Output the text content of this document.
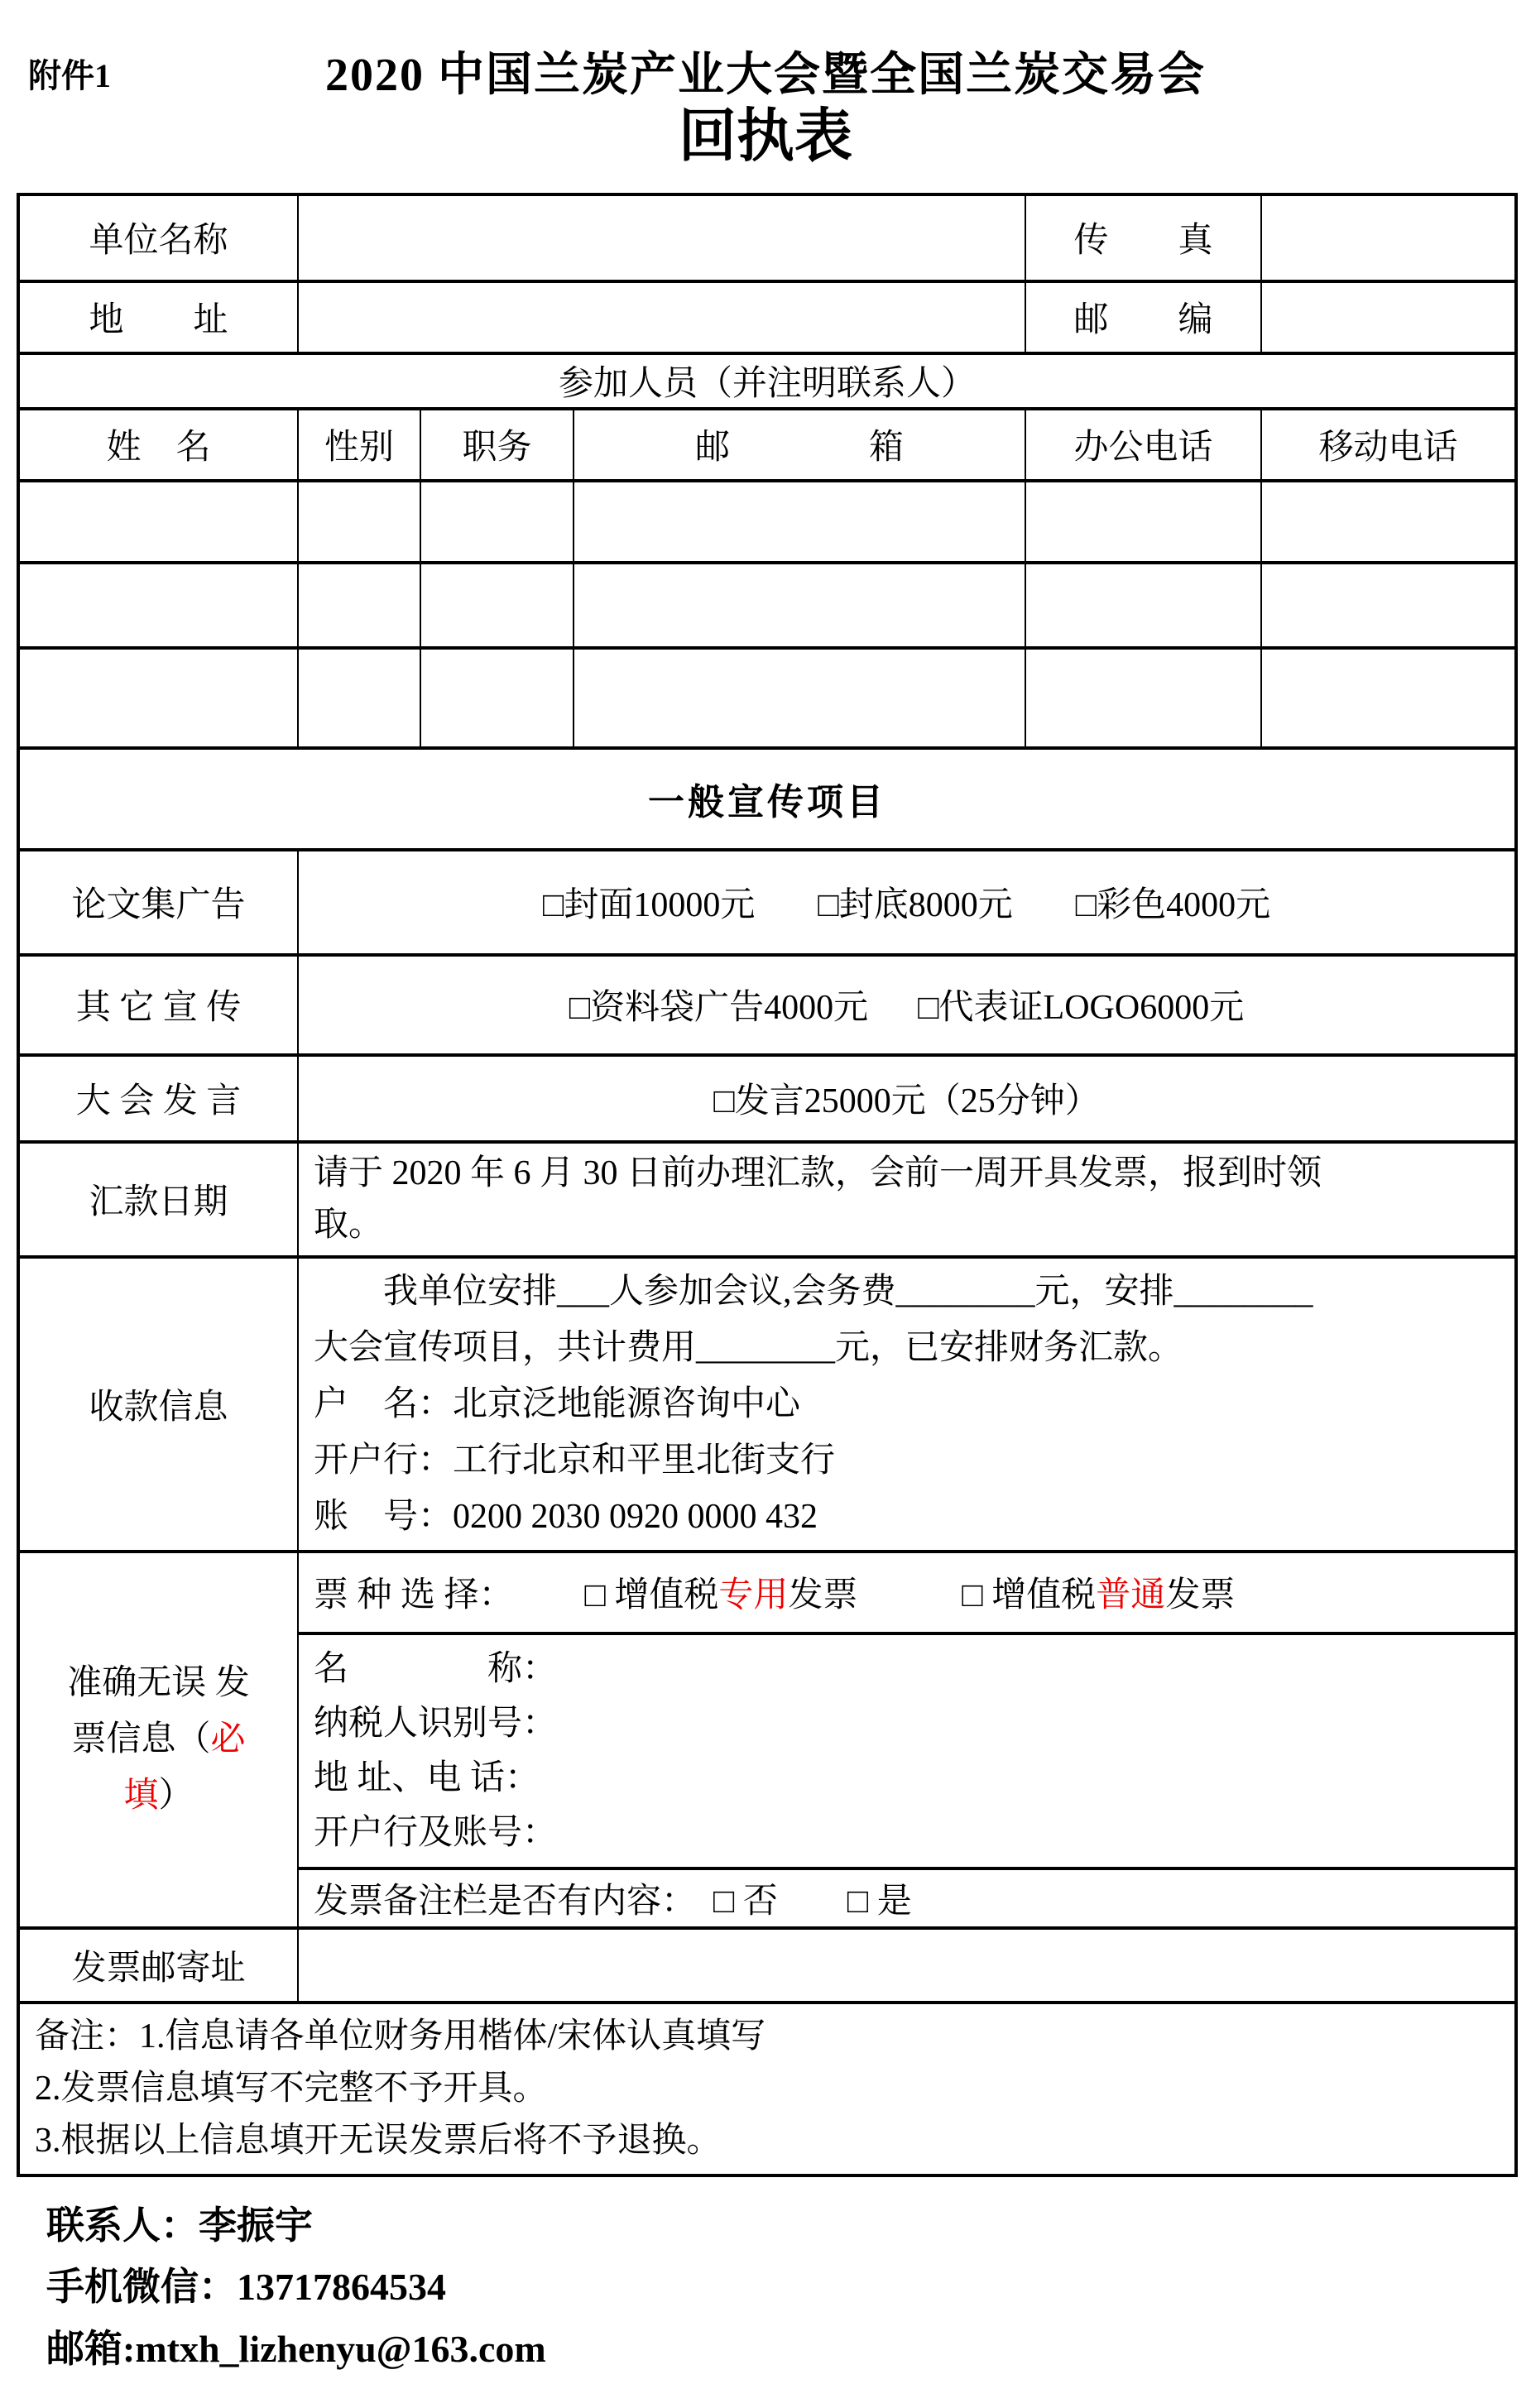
附件1	2020 中国兰炭产业大会暨全国兰炭交易会
回执表
单位名称				传　　真	
地　　址				邮　　编	
参加人员（并注明联系人）					
姓　名	性别	职务	邮　　　　箱	办公电话	移动电话

一般宣传项目					
论文集广告	□封面10000元 □封底8000元 □彩色4000元				
其 它 宣 传	□资料袋广告4000元 □代表证LOGO6000元				
大 会 发 言	□发言25000元（25分钟）				
汇款日期	请于 2020 年 6 月 30 日前办理汇款，会前一周开具发票，报到时领
取。				

收款信息	　　我单位安排___人参加会议,会务费________元，安排________
大会宣传项目，共计费用________元，已安排财务汇款。
户　名：北京泛地能源咨询中心
开户行：工行北京和平里北街支行
账　号：0200 2030 0920 0000 432				

准确无误 发票信息（必填）	票 种 选 择： □ 增值税专用发票 □ 增值税普通发票				

	名　　　　称：
纳税人识别号：
地 址、电 话：
开户行及账号：				

	发票备注栏是否有内容：　□ 否　　□ 是				
发票邮寄址					

备注：1.信息请各单位财务用楷体/宋体认真填写
2.发票信息填写不完整不予开具。
3.根据以上信息填开无误发票后将不予退换。					
联系人：李振宇
手机微信：13717864534
邮箱:mtxh_lizhenyu@163.com
